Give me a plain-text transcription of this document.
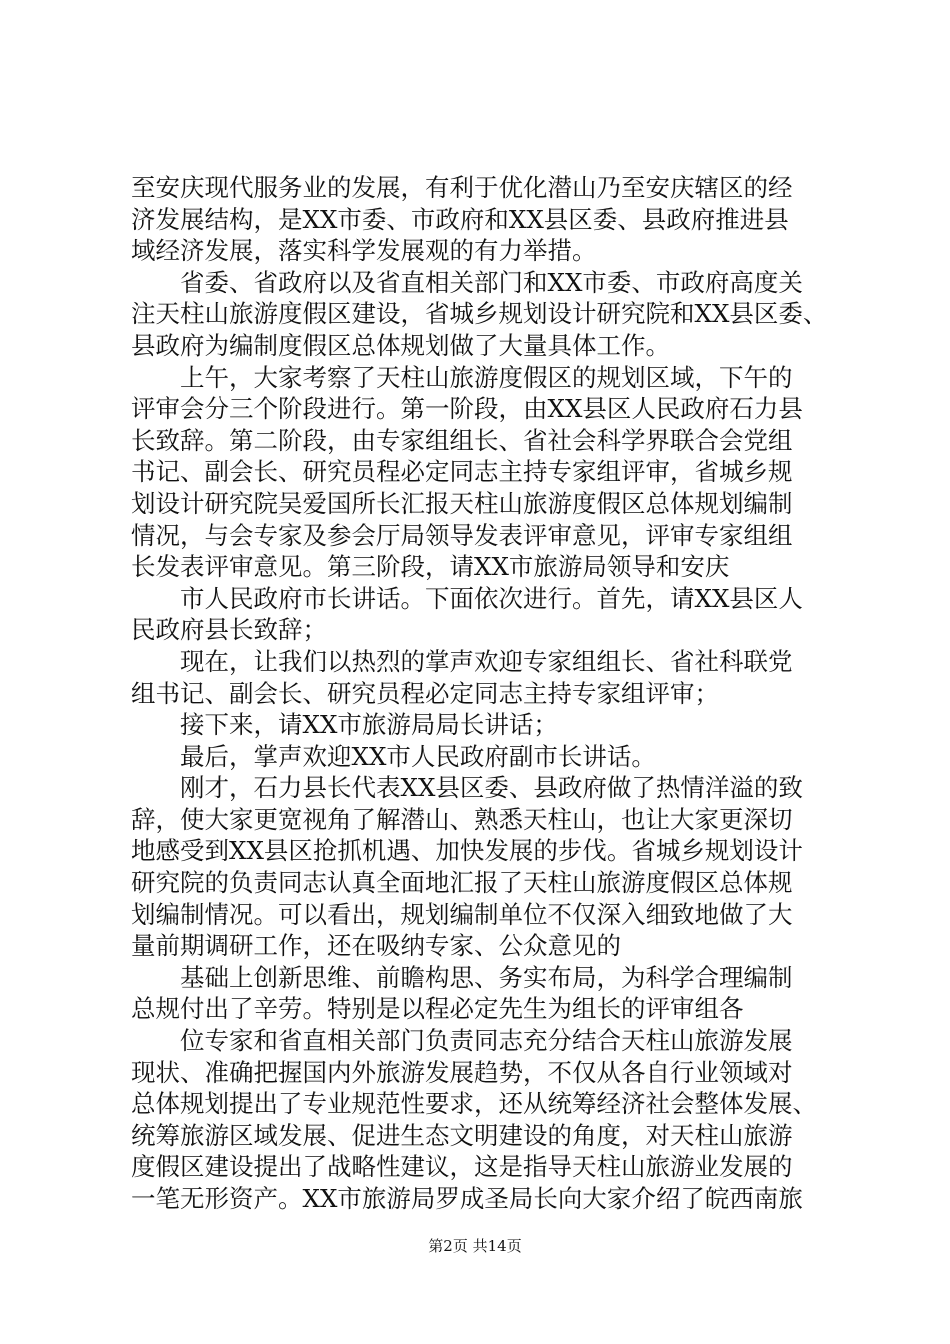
至安庆现代服务业的发展，有利于优化潜山乃至安庆辖区的经
济发展结构，是XX市委、市政府和XX县区委、县政府推进县
域经济发展，落实科学发展观的有力举措。
省委、省政府以及省直相关部门和XX市委、市政府高度关
注天柱山旅游度假区建设，省城乡规划设计研究院和XX县区委、
县政府为编制度假区总体规划做了大量具体工作。
上午，大家考察了天柱山旅游度假区的规划区域，下午的
评审会分三个阶段进行。第一阶段，由XX县区人民政府石力县
长致辞。第二阶段，由专家组组长、省社会科学界联合会党组
书记、副会长、研究员程必定同志主持专家组评审，省城乡规
划设计研究院吴爱国所长汇报天柱山旅游度假区总体规划编制
情况，与会专家及参会厅局领导发表评审意见，评审专家组组
长发表评审意见。第三阶段，请XX市旅游局领导和安庆
市人民政府市长讲话。下面依次进行。首先，请XX县区人
民政府县长致辞；
现在，让我们以热烈的掌声欢迎专家组组长、省社科联党
组书记、副会长、研究员程必定同志主持专家组评审；
接下来，请XX市旅游局局长讲话；
最后，掌声欢迎XX市人民政府副市长讲话。
刚才，石力县长代表XX县区委、县政府做了热情洋溢的致
辞，使大家更宽视角了解潜山、熟悉天柱山，也让大家更深切
地感受到XX县区抢抓机遇、加快发展的步伐。省城乡规划设计
研究院的负责同志认真全面地汇报了天柱山旅游度假区总体规
划编制情况。可以看出，规划编制单位不仅深入细致地做了大
量前期调研工作，还在吸纳专家、公众意见的
基础上创新思维、前瞻构思、务实布局，为科学合理编制
总规付出了辛劳。特别是以程必定先生为组长的评审组各
位专家和省直相关部门负责同志充分结合天柱山旅游发展
现状、准确把握国内外旅游发展趋势，不仅从各自行业领域对
总体规划提出了专业规范性要求，还从统筹经济社会整体发展、
统筹旅游区域发展、促进生态文明建设的角度，对天柱山旅游
度假区建设提出了战略性建议，这是指导天柱山旅游业发展的
一笔无形资产。XX市旅游局罗成圣局长向大家介绍了皖西南旅
第2页 共14页
